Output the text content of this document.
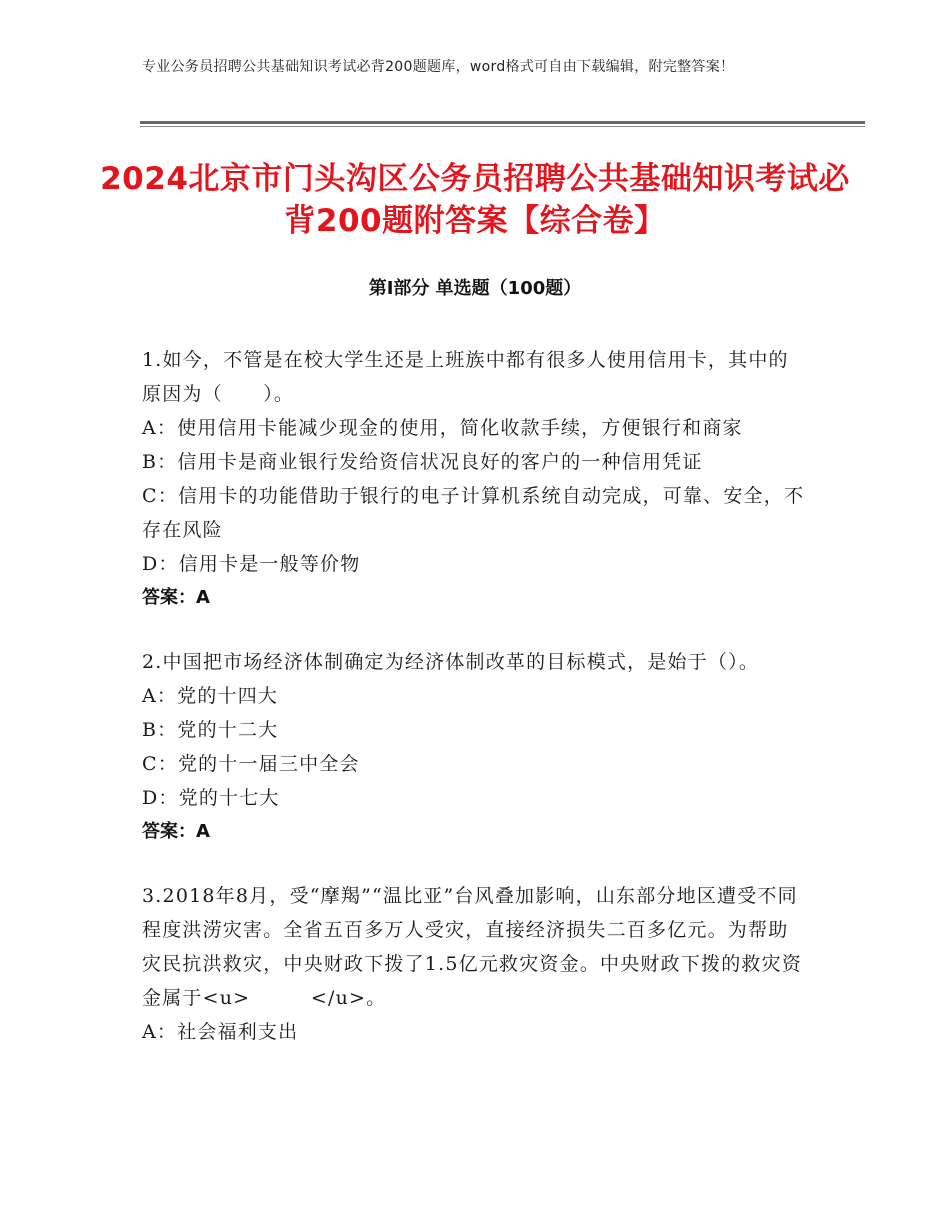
专业公务员招聘公共基础知识考试必背200题题库，word格式可自由下载编辑，附完整答案！
2024北京市门头沟区公务员招聘公共基础知识考试必背200题附答案【综合卷】
第Ⅰ部分 单选题（100题）

1.如今，不管是在校大学生还是上班族中都有很多人使用信用卡，其中的原因为（　　）。

A：使用信用卡能减少现金的使用，简化收款手续，方便银行和商家

B：信用卡是商业银行发给资信状况良好的客户的一种信用凭证

C：信用卡的功能借助于银行的电子计算机系统自动完成，可靠、安全，不存在风险

D：信用卡是一般等价物

答案：A

2.中国把市场经济体制确定为经济体制改革的目标模式，是始于（）。

A：党的十四大

B：党的十二大

C：党的十一届三中全会

D：党的十七大

答案：A

3.2018年8月，受“摩羯”“温比亚”台风叠加影响，山东部分地区遭受不同程度洪涝灾害。全省五百多万人受灾，直接经济损失二百多亿元。为帮助灾民抗洪救灾，中央财政下拨了1.5亿元救灾资金。中央财政下拨的救灾资金属于<u>　　　</u>。

A：社会福利支出
